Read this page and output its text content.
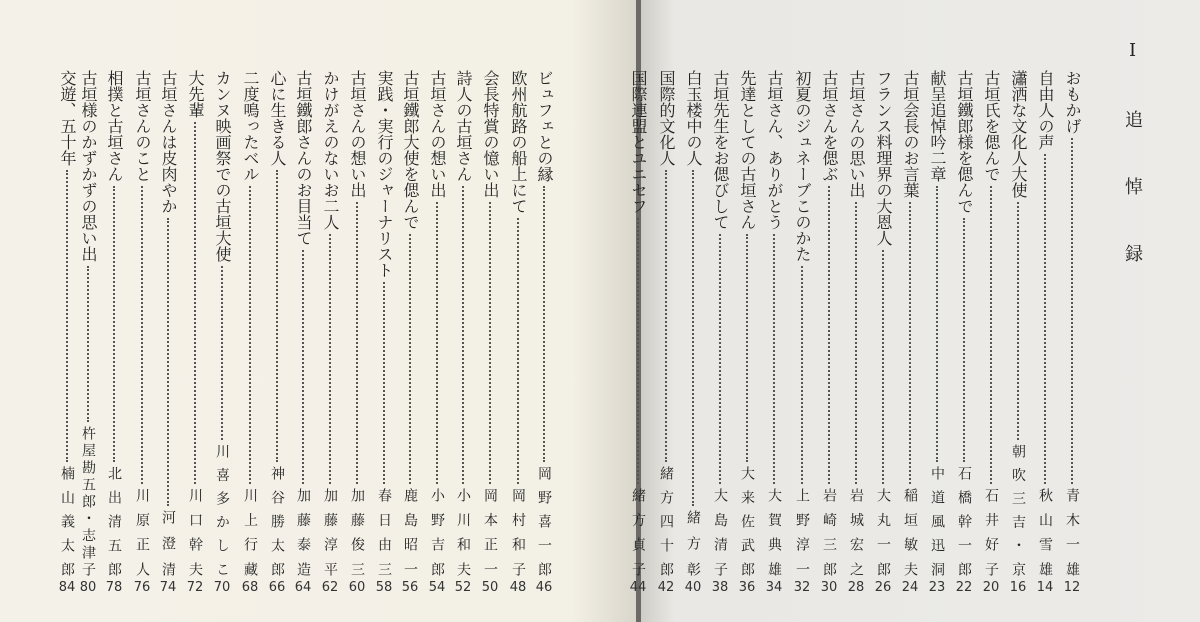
I 追 悼 録
おもかげ
青木一雄
12
自由人の声
秋山雪雄
14
瀟洒な文化人大使
朝吹三吉・京
16
古垣氏を偲んで
石井好子
20
古垣鐵郎様を偲んで
石橋幹一郎
22
献呈追悼吟二章
中道風迅洞
23
古垣会長のお言葉
稲垣敏夫
24
フランス料理界の大恩人
大丸一郎
26
古垣さんの思い出
岩城宏之
28
古垣さんを偲ぶ
岩崎三郎
30
初夏のジュネーブこのかた
上野淳一
32
古垣さん、ありがとう
大賀典雄
34
先達としての古垣さん
大来佐武郎
36
古垣先生をお偲びして
大島清子
38
白玉楼中の人
緒方彰
40
国際的文化人
緒方四十郎
42
国際連盟とユニセフ
緒方貞子
44
ビュフェとの縁
岡野喜一郎
46
欧州航路の船上にて
岡村和子
48
会長特賞の憶い出
岡本正一
50
詩人の古垣さん
小川和夫
52
古垣さんの想い出
小野吉郎
54
古垣鐵郎大使を偲んで
鹿島昭一
56
実践・実行のジャーナリスト
春日由三
58
古垣さんの想い出
加藤俊三
60
かけがえのないお二人
加藤淳平
62
古垣鐵郎さんのお目当て
加藤泰造
64
心に生きる人
神谷勝太郎
66
二度鳴ったベル
川上行藏
68
カンヌ映画祭での古垣大使
川喜多かしこ
70
大先輩
川口幹夫
72
古垣さんは皮肉やか
河澄清
74
古垣さんのこと
川原正人
76
相撲と古垣さん
北出清五郎
78
古垣様のかずかずの思い出
杵屋勘五郎・志津子
80
交遊、五十年
楠山義太郎
84
